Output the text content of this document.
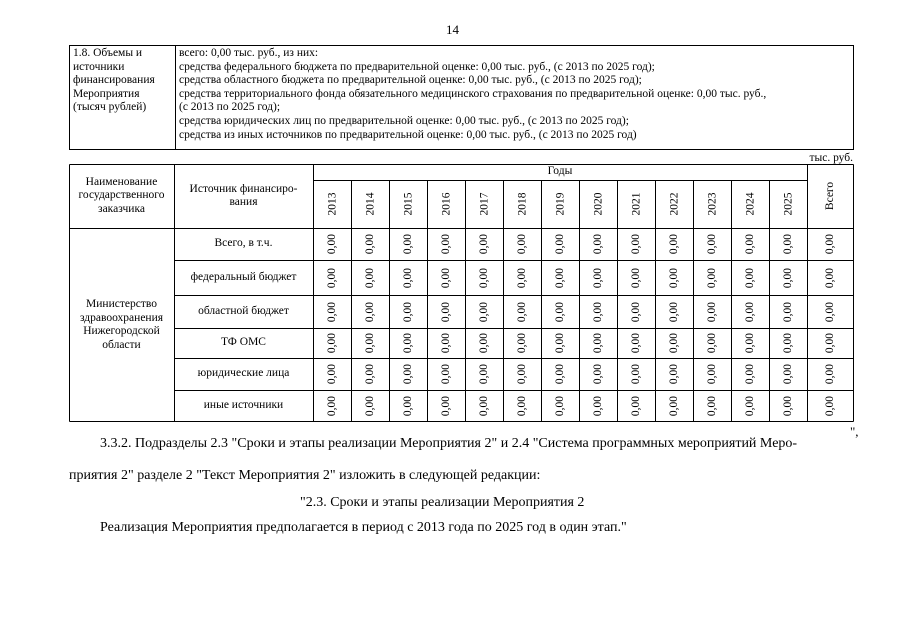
14
1.8. Объемы и
источники
финансирования
Мероприятия
(тысяч рублей)
всего: 0,00 тыс. руб., из них:
средства федерального бюджета по предварительной оценке: 0,00 тыс. руб., (с 2013 по 2025 год);
средства областного бюджета по предварительной оценке: 0,00 тыс. руб., (с 2013 по 2025 год);
средства территориального фонда обязательного медицинского страхования по предварительной оценке: 0,00 тыс. руб.,
(с 2013 по 2025 год);
средства юридических лиц по предварительной оценке: 0,00 тыс. руб., (с 2013 по 2025 год);
средства из иных источников по предварительной оценке: 0,00 тыс. руб., (с 2013 по 2025 год)
тыс. руб.
Наименование государственного заказчика
Источник финансиро-вания
Годы
2013 2014 2015 2016 2017 2018 2019 2020 2021 2022 2023 2024 2025	Всего
Министерство здравоохранения Нижегородской области
Всего, в т.ч.	0,00 0,00 0,00 0,00 0,00 0,00 0,00 0,00 0,00 0,00 0,00 0,00 0,00	0,00
федеральный бюджет	0,00 0,00 0,00 0,00 0,00 0,00 0,00 0,00 0,00 0,00 0,00 0,00 0,00	0,00
областной бюджет	0,00 0,00 0,00 0,00 0,00 0,00 0,00 0,00 0,00 0,00 0,00 0,00 0,00	0,00
ТФ ОМС	0,00 0,00 0,00 0,00 0,00 0,00 0,00 0,00 0,00 0,00 0,00 0,00 0,00	0,00
юридические лица	0,00 0,00 0,00 0,00 0,00 0,00 0,00 0,00 0,00 0,00 0,00 0,00 0,00	0,00
иные источники	0,00 0,00 0,00 0,00 0,00 0,00 0,00 0,00 0,00 0,00 0,00 0,00 0,00	0,00
",
3.3.2. Подразделы 2.3 "Сроки и этапы реализации Мероприятия 2" и 2.4 "Система программных мероприятий Меро-
приятия 2" разделе 2 "Текст Мероприятия 2" изложить в следующей редакции:
"2.3. Сроки и этапы реализации Мероприятия 2
Реализация Мероприятия предполагается в период с 2013 года по 2025 год в один этап."
